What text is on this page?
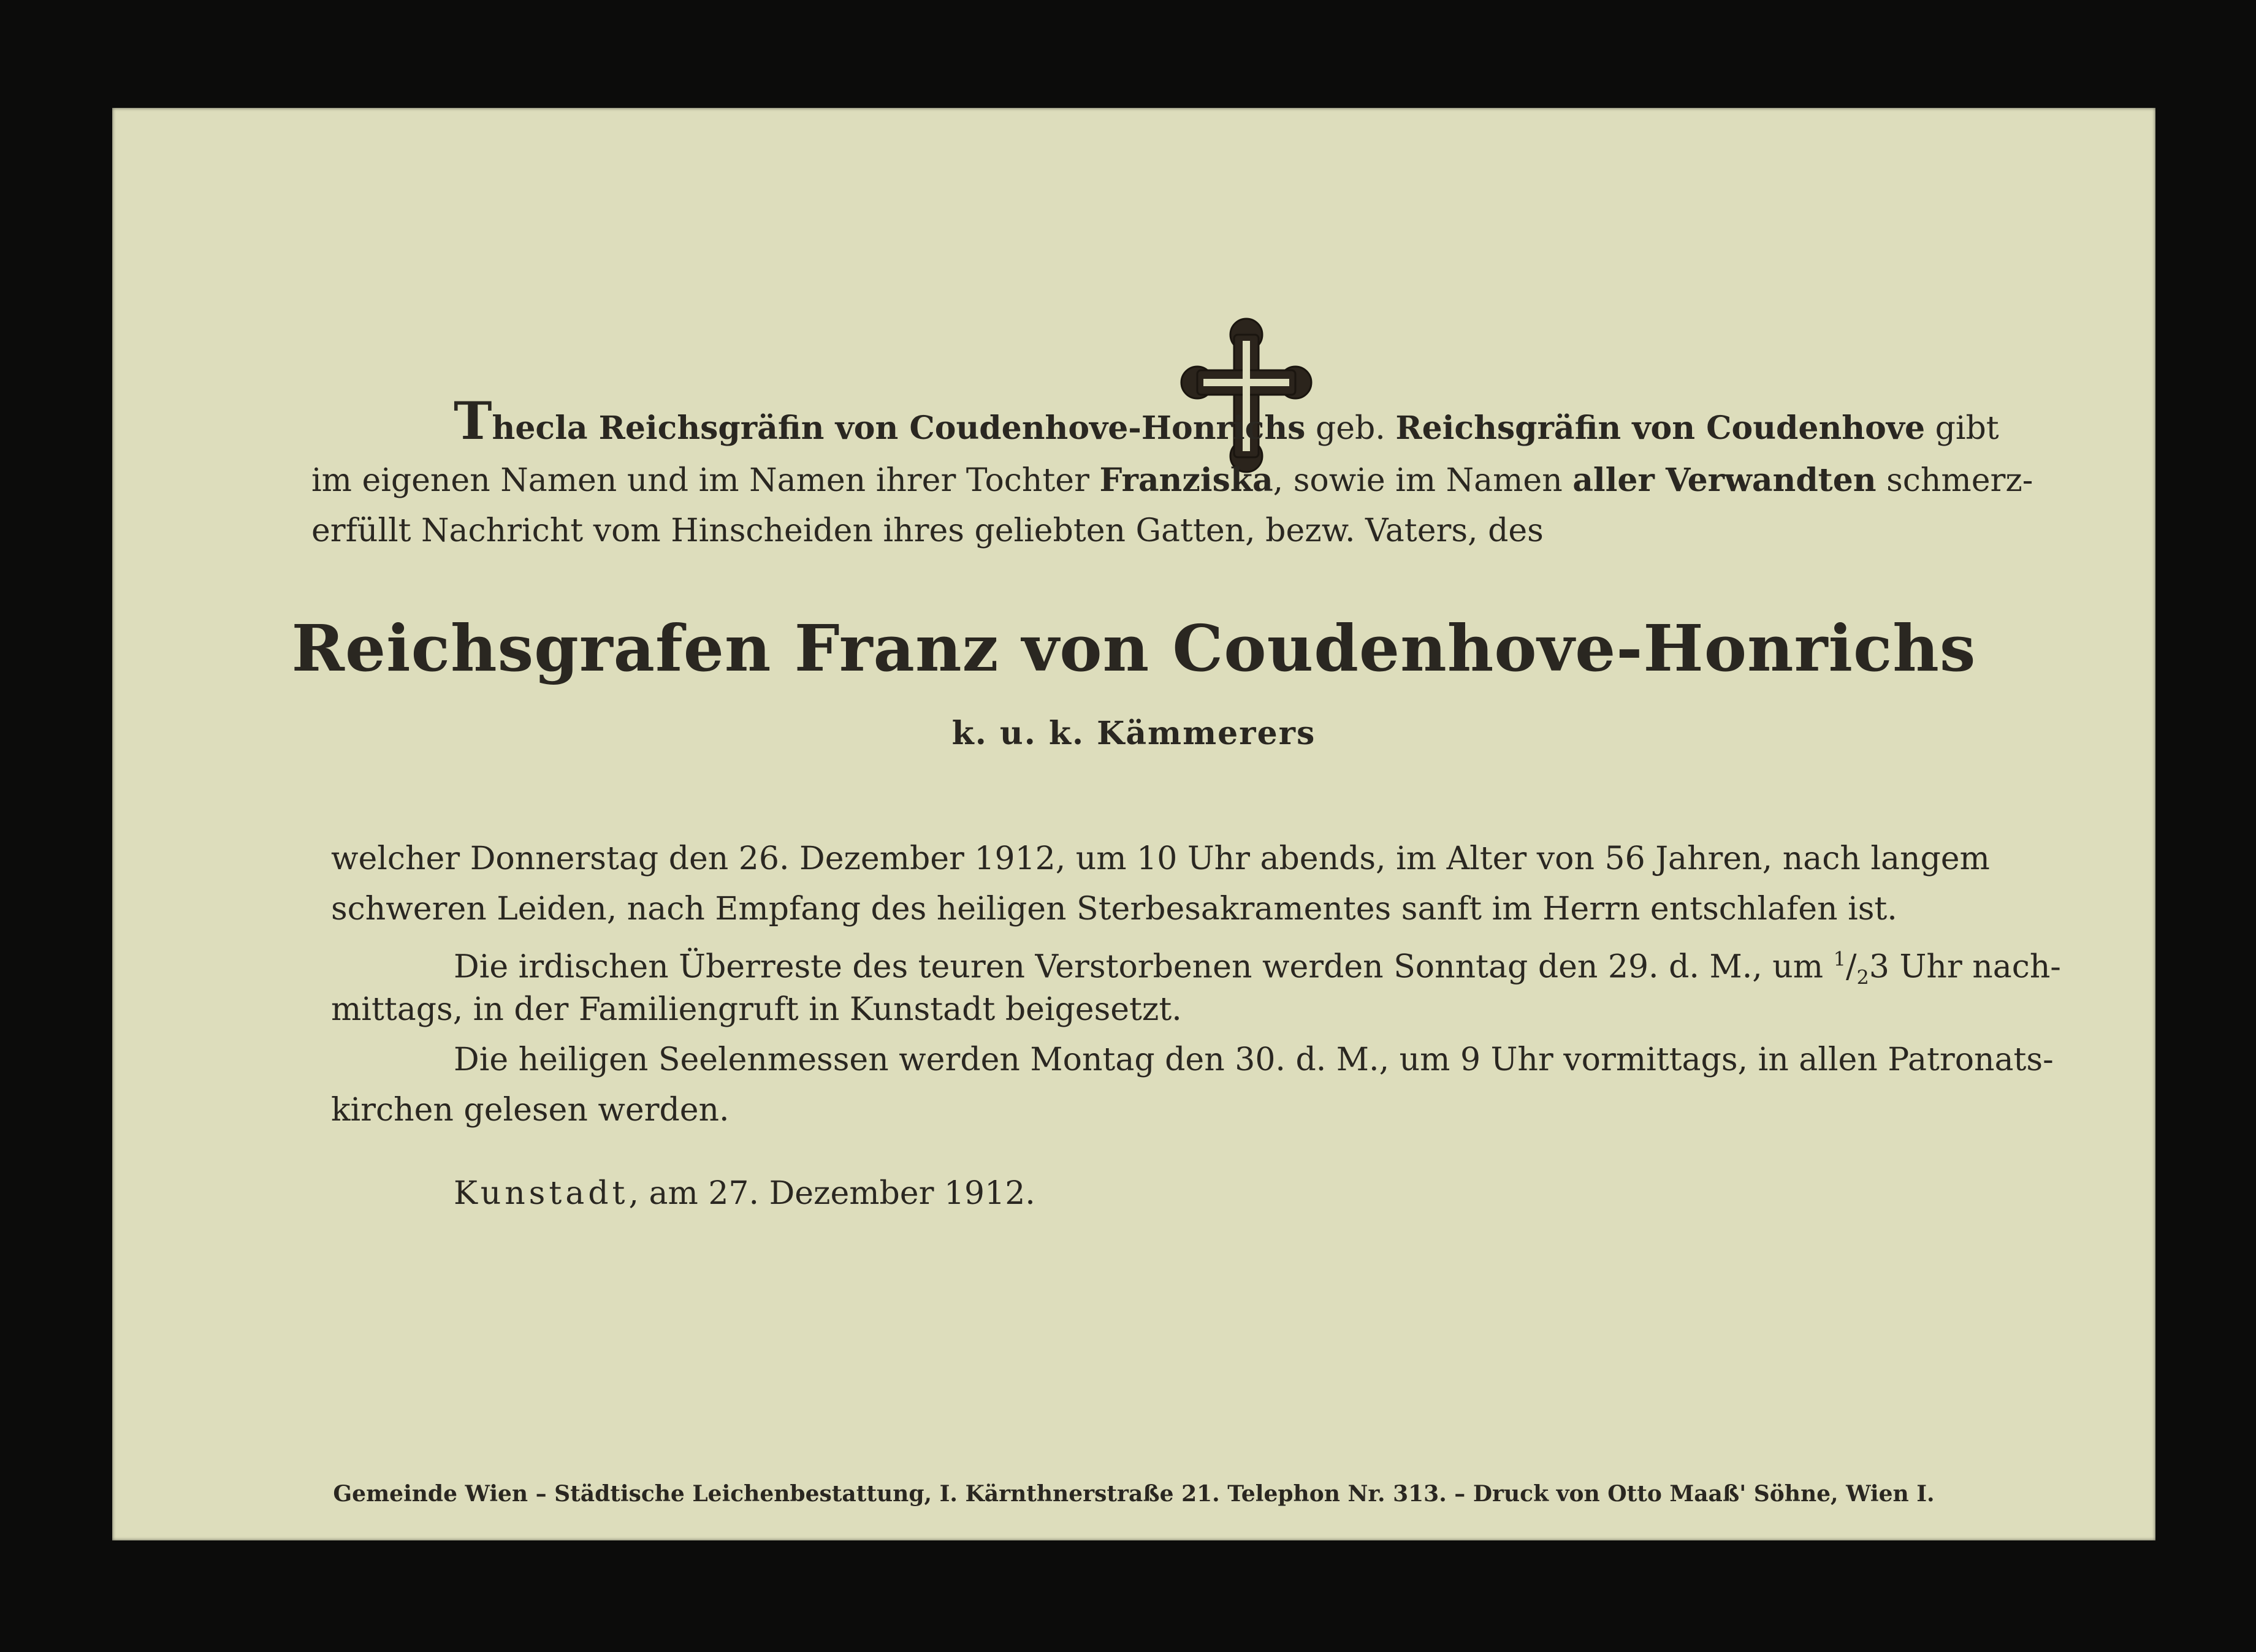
Thecla Reichsgräfin von Coudenhove-Honrichs geb. Reichsgräfin von Coudenhove gibt
im eigenen Namen und im Namen ihrer Tochter Franziska, sowie im Namen aller Verwandten schmerz-
erfüllt Nachricht vom Hinscheiden ihres geliebten Gatten, bezw. Vaters, des
Reichsgrafen Franz von Coudenhove-Honrichs
k. u. k. Kämmerers
welcher Donnerstag den 26. Dezember 1912, um 10 Uhr abends, im Alter von 56 Jahren, nach langem
schweren Leiden, nach Empfang des heiligen Sterbesakramentes sanft im Herrn entschlafen ist.
Die irdischen Überreste des teuren Verstorbenen werden Sonntag den 29. d. M., um $^1/_23$ Uhr nach-
mittags, in der Familiengruft in Kunstadt beigesetzt.
Die heiligen Seelenmessen werden Montag den 30. d. M., um 9 Uhr vormittags, in allen Patronats-
kirchen gelesen werden.
Kunstadt, am 27. Dezember 1912.
Gemeinde Wien – Städtische Leichenbestattung, I. Kärnthnerstraße 21. Telephon Nr. 313. – Druck von Otto Maaß' Söhne, Wien I.
